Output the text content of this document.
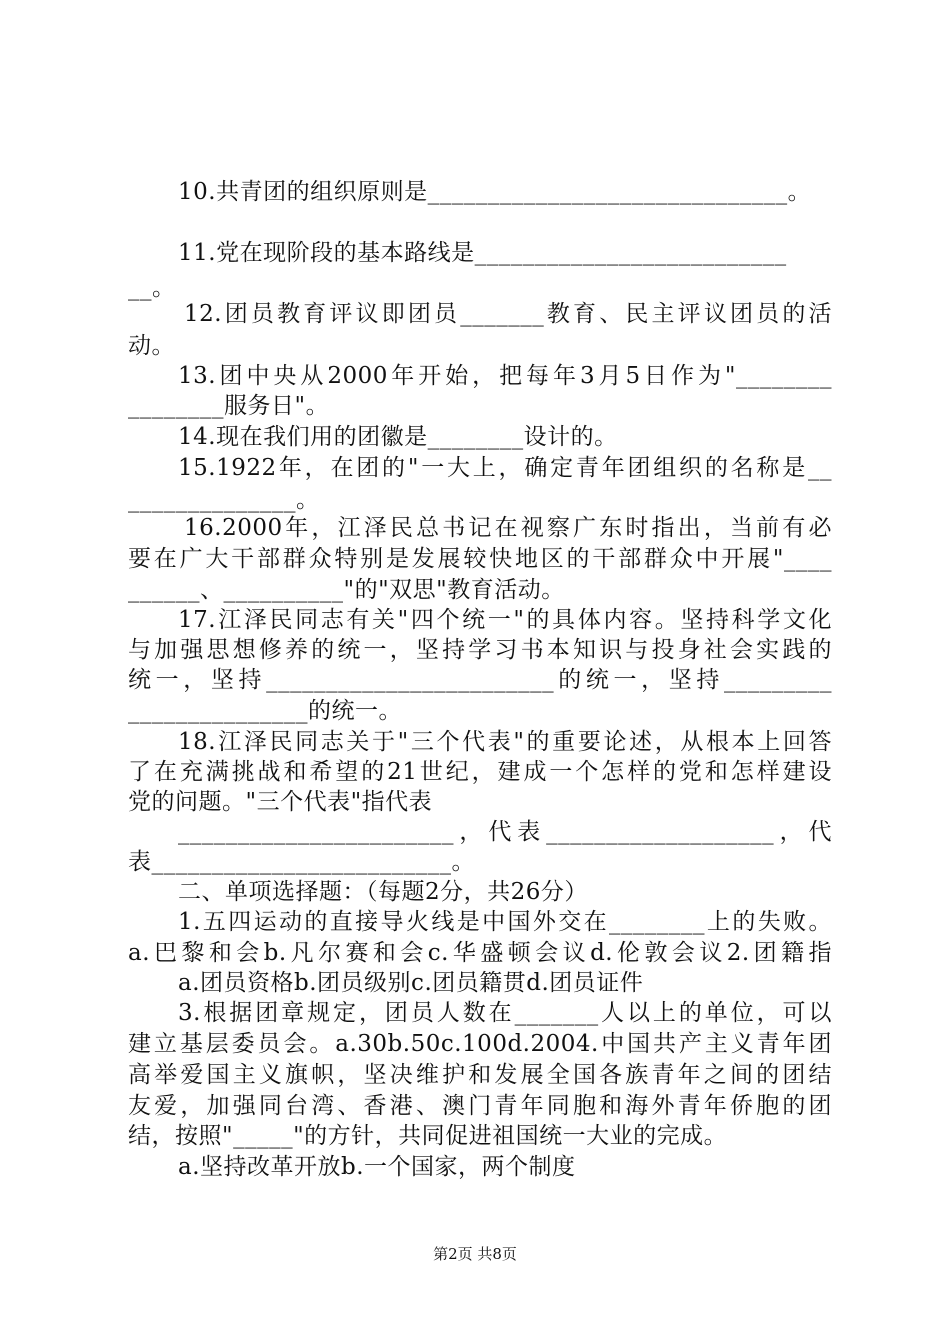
10.共青团的组织原则是______________________________。
11.党在现阶段的基本路线是__________________________
__。
12.团员教育评议即团员_______教育、民主评议团员的活
动。
13.团中央从2000年开始，把每年3月5日作为"________
________服务日"。
14.现在我们用的团徽是________设计的。
15.1922年，在团的"一大上，确定青年团组织的名称是__
______________。
16.2000年，江泽民总书记在视察广东时指出，当前有必
要在广大干部群众特别是发展较快地区的干部群众中开展"____
______、__________"的"双思"教育活动。
17.江泽民同志有关"四个统一"的具体内容。坚持科学文化
与加强思想修养的统一，坚持学习书本知识与投身社会实践的
统一，坚持________________________的统一，坚持_________
_______________的统一。
18.江泽民同志关于"三个代表"的重要论述，从根本上回答
了在充满挑战和希望的21世纪，建成一个怎样的党和怎样建设
党的问题。"三个代表"指代表
_______________________，代表___________________，代
表_________________________。
二、单项选择题：（每题2分，共26分）
1.五四运动的直接导火线是中国外交在________上的失败。
a.巴黎和会b.凡尔赛和会c.华盛顿会议d.伦敦会议2.团籍指
a.团员资格b.团员级别c.团员籍贯d.团员证件
3.根据团章规定，团员人数在_______人以上的单位，可以
建立基层委员会。a.30b.50c.100d.2004.中国共产主义青年团
高举爱国主义旗帜，坚决维护和发展全国各族青年之间的团结
友爱，加强同台湾、香港、澳门青年同胞和海外青年侨胞的团
结，按照"_____"的方针，共同促进祖国统一大业的完成。
a.坚持改革开放b.一个国家，两个制度
第2页 共8页
